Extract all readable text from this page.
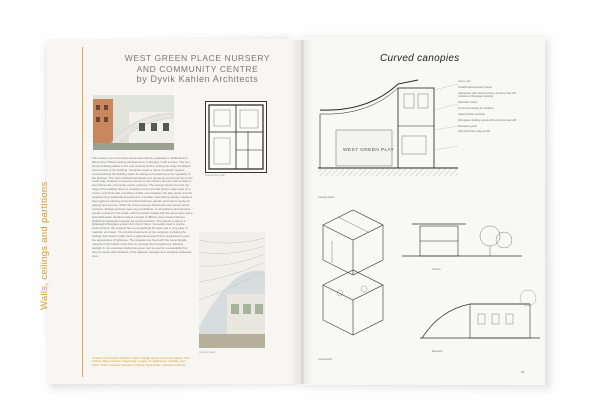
Walls, ceilings and partitions
WEST GREEN PLACE NURSERY
AND COMMUNITY CENTRE
by Dyvik Kahlen Architects
Ground floor plan
The nursery and community centre was built as a gateway to Tewkesbury's West Green Place housing development in Haringey, north London. The two-storey building relates to the new housing blocks, setting the stage for playful interventions in the building. Canopies create a range of outdoor spaces, contextualising the building within its setting and breaking up the regularity of the facades. The main architectural feature is a generous curved canopy to the south side, creating a covered entrance to the nursery and an outdoor area. It also frames the community centre entrance. The canopy bends from the top edge of the building down to a height of 2.1m and the bottom edge rests on a column and brick wall, providing a buffer zone between the play space and the neighbouring residential development. A smaller, west-facing canopy creates a bay toggle for parking and a threshold between garden and interior space for playing and sensory. While the curved canopy defines the community centre entrance. Budget and time were key constraints, so all surfaces and services remain exposed in the inside, with the timber treated with fire-proof paint and a light whitewash. Surfaces below a height of 450mm were treated with an additional transparent lacquer for extra protection. The façade is clad in a lightweight fibreglass system from Cem Vision. Generally used in marine environments, the material has an exceptional life span and is very easy to maintain and clean. The structural elements of the canopies, including the ceilings and exterior walls, were a galvanised steel finish, engineered to give the appearance of lightness. The canopies are lined with the same facade material in 6mm-thick sheet form to increase the transparency, allowing daylight in. An extensive biodiverse green roof is used for sustainability but also to ensure that residents of the adjacent development overlook a pleasant view.
Canopy detail
Architect: Dyvik Kahlen Architects. Client: Grainger Homes. Structural engineer: Price & Myers. Main contractor: Chamberlain. Images: Jim Stephenson. Cladding: Cem Vision. Timber cassettes: Ecoeatons. Lighting: Dyvik Kahlen. Acoustics: Anderson.
Curved canopies
WEST GREEN PLAY
Canopy detail
Green roof
Prefabricated acoustic panels
Galvanised steel bowed canopy structure clad with translucent fibreglass cladding
Rainwater drains
Forms and clamps for cladding
Natural timber windows
Fibreglass cladding panels with polycarbonate infill
Rainwater gutter
Dark aluminium edge profile
Axonometric
Section
Elevation
95
